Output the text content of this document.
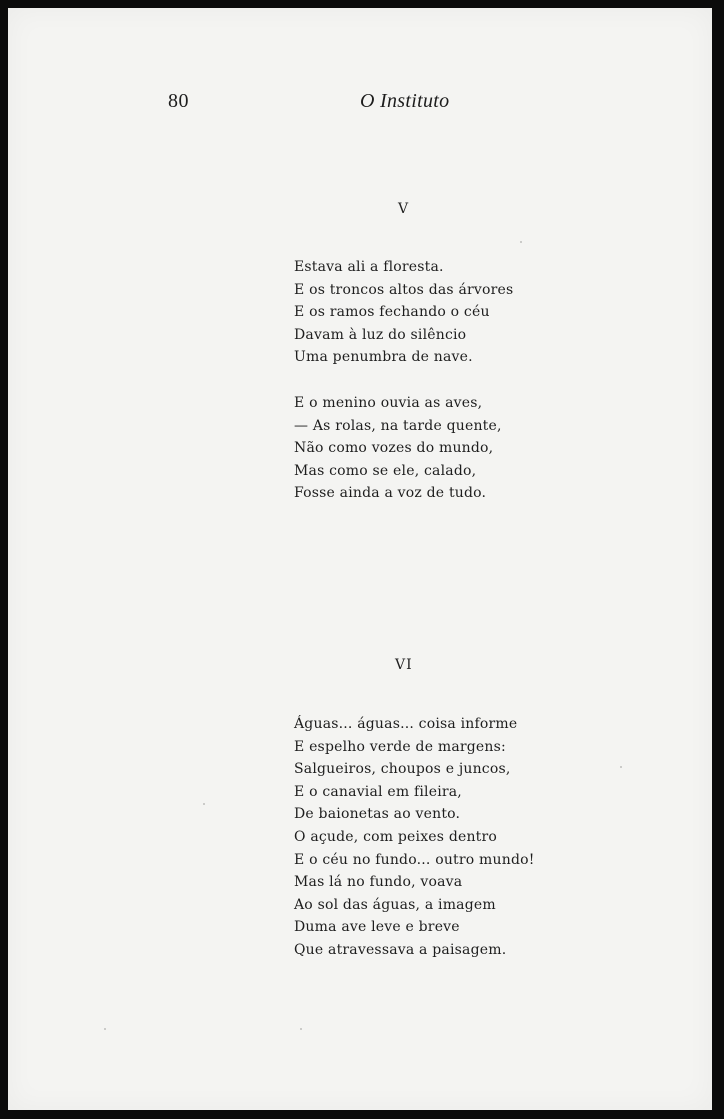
80	O Instituto
V
Estava ali a floresta.
E os troncos altos das árvores
E os ramos fechando o céu
Davam à luz do silêncio
Uma penumbra de nave.
E o menino ouvia as aves,
— As rolas, na tarde quente,
Não como vozes do mundo,
Mas como se ele, calado,
Fosse ainda a voz de tudo.
VI
Águas... águas... coisa informe
E espelho verde de margens:
Salgueiros, choupos e juncos,
E o canavial em fileira,
De baionetas ao vento.
O açude, com peixes dentro
E o céu no fundo... outro mundo!
Mas lá no fundo, voava
Ao sol das águas, a imagem
Duma ave leve e breve
Que atravessava a paisagem.
